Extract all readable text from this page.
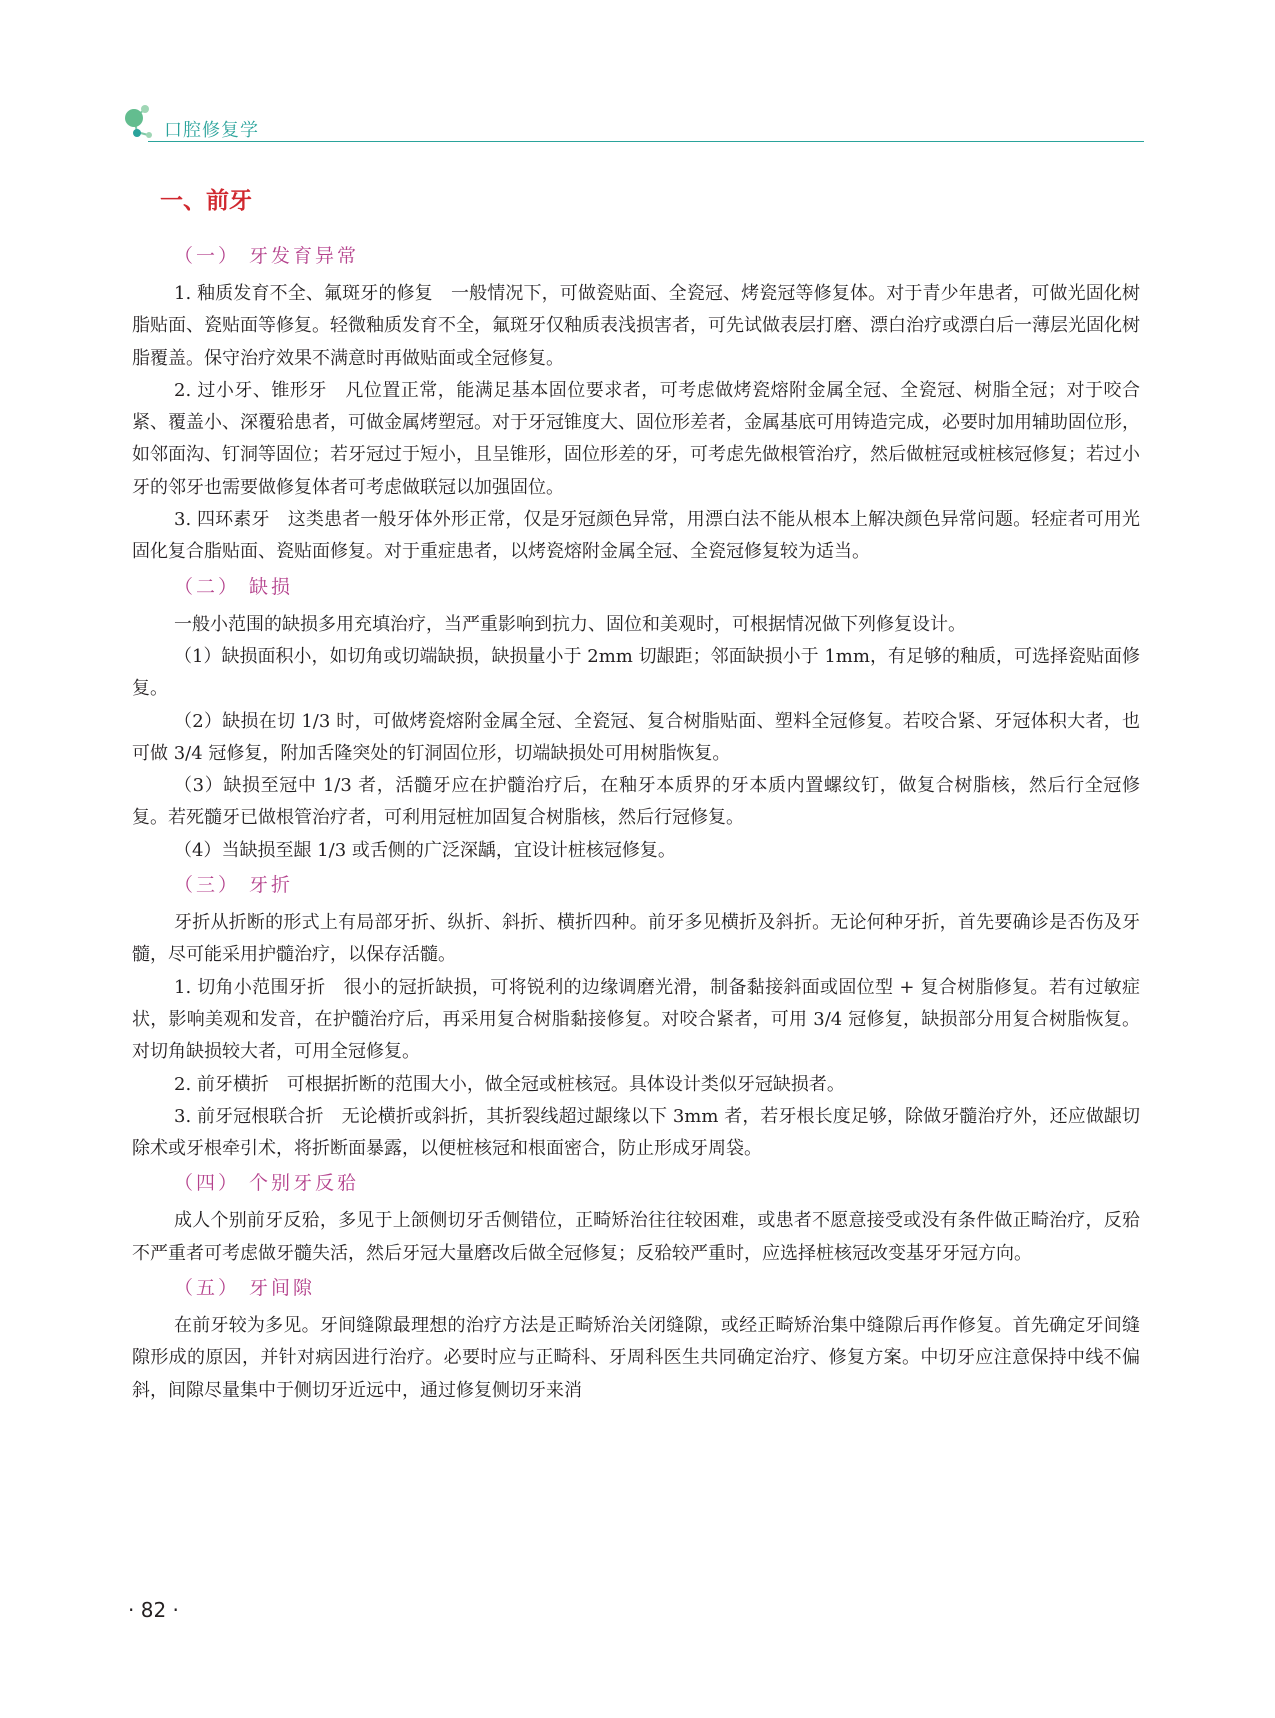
口腔修复学
一、前牙
（一） 牙发育异常

1. 釉质发育不全、氟斑牙的修复　一般情况下，可做瓷贴面、全瓷冠、烤瓷冠等修复体。对于青少年患者，可做光固化树脂贴面、瓷贴面等修复。轻微釉质发育不全，氟斑牙仅釉质表浅损害者，可先试做表层打磨、漂白治疗或漂白后一薄层光固化树脂覆盖。保守治疗效果不满意时再做贴面或全冠修复。

2. 过小牙、锥形牙　凡位置正常，能满足基本固位要求者，可考虑做烤瓷熔附金属全冠、全瓷冠、树脂全冠；对于咬合紧、覆盖小、深覆𬌗患者，可做金属烤塑冠。对于牙冠锥度大、固位形差者，金属基底可用铸造完成，必要时加用辅助固位形，如邻面沟、钉洞等固位；若牙冠过于短小，且呈锥形，固位形差的牙，可考虑先做根管治疗，然后做桩冠或桩核冠修复；若过小牙的邻牙也需要做修复体者可考虑做联冠以加强固位。

3. 四环素牙　这类患者一般牙体外形正常，仅是牙冠颜色异常，用漂白法不能从根本上解决颜色异常问题。轻症者可用光固化复合脂贴面、瓷贴面修复。对于重症患者，以烤瓷熔附金属全冠、全瓷冠修复较为适当。

（二） 缺损

一般小范围的缺损多用充填治疗，当严重影响到抗力、固位和美观时，可根据情况做下列修复设计。

（1）缺损面积小，如切角或切端缺损，缺损量小于 2mm 切龈距；邻面缺损小于 1mm，有足够的釉质，可选择瓷贴面修复。

（2）缺损在切 1/3 时，可做烤瓷熔附金属全冠、全瓷冠、复合树脂贴面、塑料全冠修复。若咬合紧、牙冠体积大者，也可做 3/4 冠修复，附加舌隆突处的钉洞固位形，切端缺损处可用树脂恢复。

（3）缺损至冠中 1/3 者，活髓牙应在护髓治疗后，在釉牙本质界的牙本质内置螺纹钉，做复合树脂核，然后行全冠修复。若死髓牙已做根管治疗者，可利用冠桩加固复合树脂核，然后行冠修复。

（4）当缺损至龈 1/3 或舌侧的广泛深龋，宜设计桩核冠修复。

（三） 牙折

牙折从折断的形式上有局部牙折、纵折、斜折、横折四种。前牙多见横折及斜折。无论何种牙折，首先要确诊是否伤及牙髓，尽可能采用护髓治疗，以保存活髓。

1. 切角小范围牙折　很小的冠折缺损，可将锐利的边缘调磨光滑，制备黏接斜面或固位型 + 复合树脂修复。若有过敏症状，影响美观和发音，在护髓治疗后，再采用复合树脂黏接修复。对咬合紧者，可用 3/4 冠修复，缺损部分用复合树脂恢复。对切角缺损较大者，可用全冠修复。

2. 前牙横折　可根据折断的范围大小，做全冠或桩核冠。具体设计类似牙冠缺损者。

3. 前牙冠根联合折　无论横折或斜折，其折裂线超过龈缘以下 3mm 者，若牙根长度足够，除做牙髓治疗外，还应做龈切除术或牙根牵引术，将折断面暴露，以便桩核冠和根面密合，防止形成牙周袋。

（四） 个别牙反𬌗

成人个别前牙反𬌗，多见于上颌侧切牙舌侧错位，正畸矫治往往较困难，或患者不愿意接受或没有条件做正畸治疗，反𬌗不严重者可考虑做牙髓失活，然后牙冠大量磨改后做全冠修复；反𬌗较严重时，应选择桩核冠改变基牙牙冠方向。

（五） 牙间隙

在前牙较为多见。牙间缝隙最理想的治疗方法是正畸矫治关闭缝隙，或经正畸矫治集中缝隙后再作修复。首先确定牙间缝隙形成的原因，并针对病因进行治疗。必要时应与正畸科、牙周科医生共同确定治疗、修复方案。中切牙应注意保持中线不偏斜，间隙尽量集中于侧切牙近远中，通过修复侧切牙来消

· 82 ·
